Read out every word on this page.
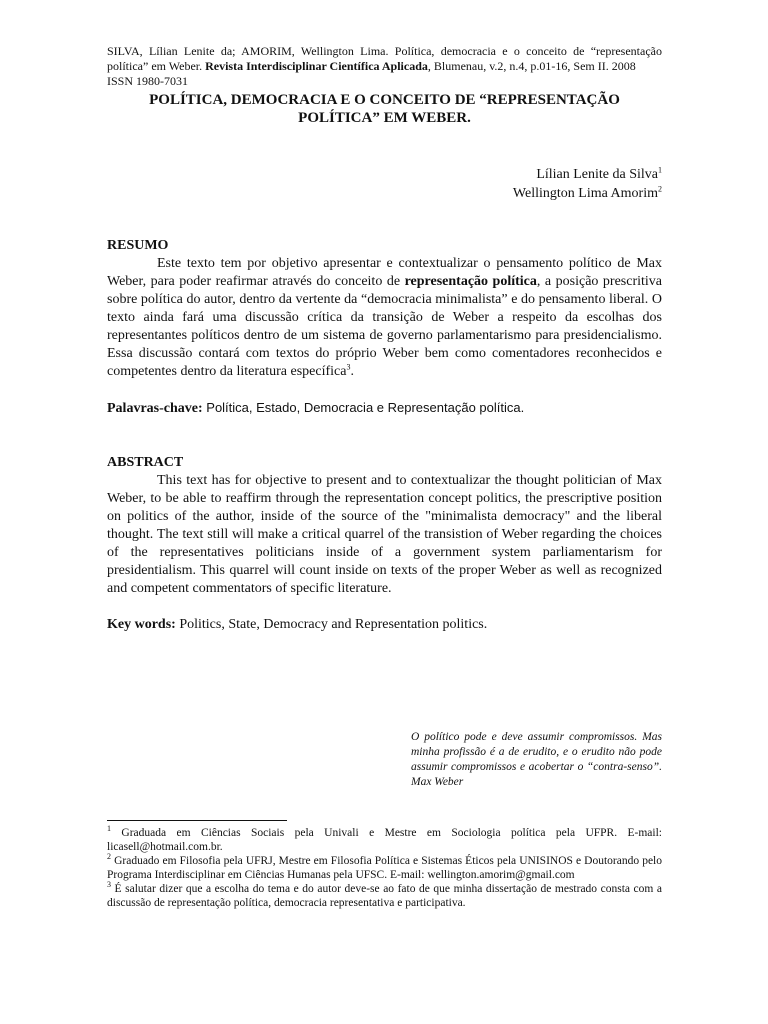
SILVA, Lílian Lenite da; AMORIM, Wellington Lima. Política, democracia e o conceito de “representação política” em Weber. Revista Interdisciplinar Científica Aplicada, Blumenau, v.2, n.4, p.01-16, Sem II. 2008
ISSN 1980-7031
POLÍTICA, DEMOCRACIA E O CONCEITO DE “REPRESENTAÇÃO
POLÍTICA” EM WEBER.
Lílian Lenite da Silva$^1$
Wellington Lima Amorim$^2$
RESUMO
Este texto tem por objetivo apresentar e contextualizar o pensamento político de Max Weber, para poder reafirmar através do conceito de representação política, a posição prescritiva sobre política do autor, dentro da vertente da “democracia minimalista” e do pensamento liberal. O texto ainda fará uma discussão crítica da transição de Weber a respeito da escolhas dos representantes políticos dentro de um sistema de governo parlamentarismo para presidencialismo. Essa discussão contará com textos do próprio Weber bem como comentadores reconhecidos e competentes dentro da literatura específica$^3$.
Palavras-chave: Política, Estado, Democracia e Representação política.
ABSTRACT
This text has for objective to present and to contextualizar the thought politician of Max Weber, to be able to reaffirm through the representation concept politics, the prescriptive position on politics of the author, inside of the source of the "minimalista democracy" and the liberal thought. The text still will make a critical quarrel of the transistion of Weber regarding the choices of the representatives politicians inside of a government system parliamentarism for presidentialism. This quarrel will count inside on texts of the proper Weber as well as recognized and competent commentators of specific literature.
Key words: Politics, State, Democracy and Representation politics.
O político pode e deve assumir compromissos. Mas minha profissão é a de erudito, e o erudito não pode assumir compromissos e acobertar o “contra-senso”. Max Weber
$^1$ Graduada em Ciências Sociais pela Univali e Mestre em Sociologia política pela UFPR. E-mail: licasell@hotmail.com.br.
$^2$ Graduado em Filosofia pela UFRJ, Mestre em Filosofia Política e Sistemas Éticos pela UNISINOS e Doutorando pelo Programa Interdisciplinar em Ciências Humanas pela UFSC. E-mail: wellington.amorim@gmail.com
$^3$ É salutar dizer que a escolha do tema e do autor deve-se ao fato de que minha dissertação de mestrado consta com a discussão de representação política, democracia representativa e participativa.
